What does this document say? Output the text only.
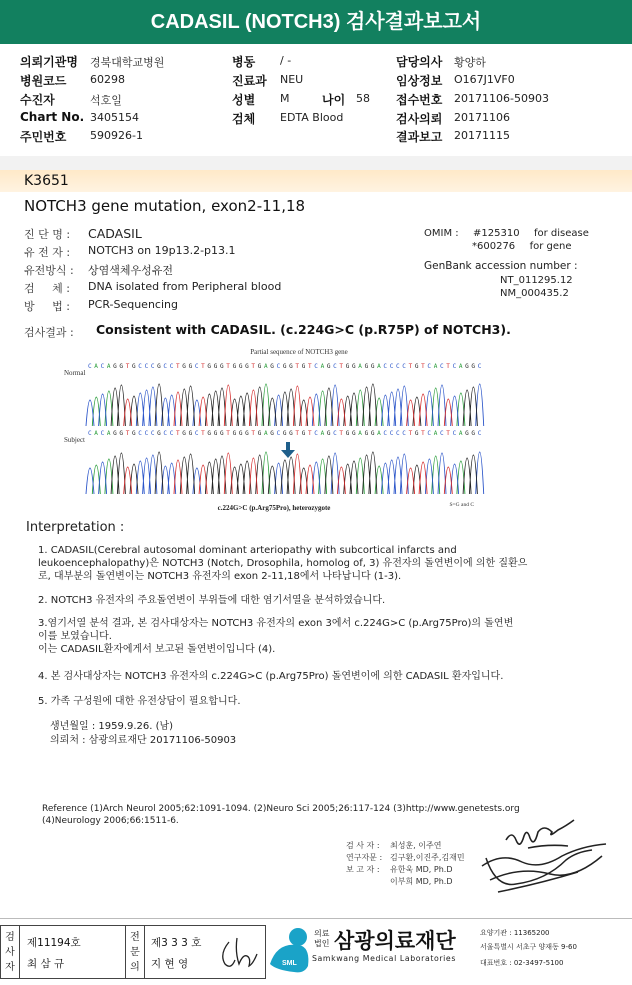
CADASIL (NOTCH3) 검사결과보고서
의뢰기관명 경북대학교병원
병원코드 60298
수진자	석호일
Chart No. 3405154
주민번호 590926-1
병동 / -
진료과 NEU
성별 M
검체 EDTA Blood
담당의사 황양하
임상정보 O167J1VF0
접수번호 20171106-50903
검사의뢰 20171106
결과보고 20171115
나이 58
K3651
NOTCH3 gene mutation, exon2-11,18
진 단 명 : CADASIL
유 전 자 : NOTCH3 on 19p13.2-p13.1
유전방식 : 상염색체우성유전
검     체 : DNA isolated from Peripheral blood
방     법 : PCR-Sequencing
OMIM : #125310 for disease
*600276 for gene
GenBank accession number :
NT_011295.12
NM_000435.2
검사결과 : Consistent with CADASIL. (c.224G>C (p.R75P) of NOTCH3).
Partial sequence of NOTCH3 gene
Normal
Subject
C A C A G G T G C C C G C C T G G C T G G G T G G G T G A G C G G T G T C A G C T G G A G G A C C C C T G T C A C T C A G G C
C A C A G G T G C C C G C C T G G C T G G G T G G G T G A G C G G T G T C A G C T G G A G G A C C C C T G T C A C T C A G G C
c.224G>C (p.Arg75Pro), heterozygote	S=G and C
Interpretation :
1. CADASIL(Cerebral autosomal dominant arteriopathy with subcortical infarcts and
leukoencephalopathy)은 NOTCH3 (Notch, Drosophila, homolog of, 3) 유전자의 돌연변이에 의한 질환으
로, 대부분의 돌연변이는 NOTCH3 유전자의 exon 2-11,18에서 나타납니다 (1-3).
2. NOTCH3 유전자의 주요돌연변이 부위들에 대한 염기서열을 분석하였습니다.
3.염기서열 분석 결과, 본 검사대상자는 NOTCH3 유전자의 exon 3에서 c.224G>C (p.Arg75Pro)의 돌연변
이를 보였습니다.
이는 CADASIL환자에게서 보고된 돌연변이입니다 (4).
4. 본 검사대상자는 NOTCH3 유전자의 c.224G>C (p.Arg75Pro) 돌연변이에 의한 CADASIL 환자입니다.
5. 가족 구성원에 대한 유전상담이 필요합니다.
생년월일 : 1959.9.26. (남)
의뢰처 : 삼광의료재단 20171106-50903
Reference (1)Arch Neurol 2005;62:1091-1094. (2)Neuro Sci 2005;26:117-124 (3)http://www.genetests.org
(4)Neurology 2006;66:1511-6.
검 사 자 : 최성훈, 이주연
연구자문 : 김구환,이진주,김재민
보 고 자 : 유한욱 MD, Ph.D
이부희 MD, Ph.D
검사자
제11194호
최 삼 규
전문의
제3 3 3 호
지 현 영	SML
의료
법인 삼광의료재단
Samkwang Medical Laboratories
요양기관 : 11365200
서울특별시 서초구 양재동 9-60
대표번호 : 02-3497-5100
